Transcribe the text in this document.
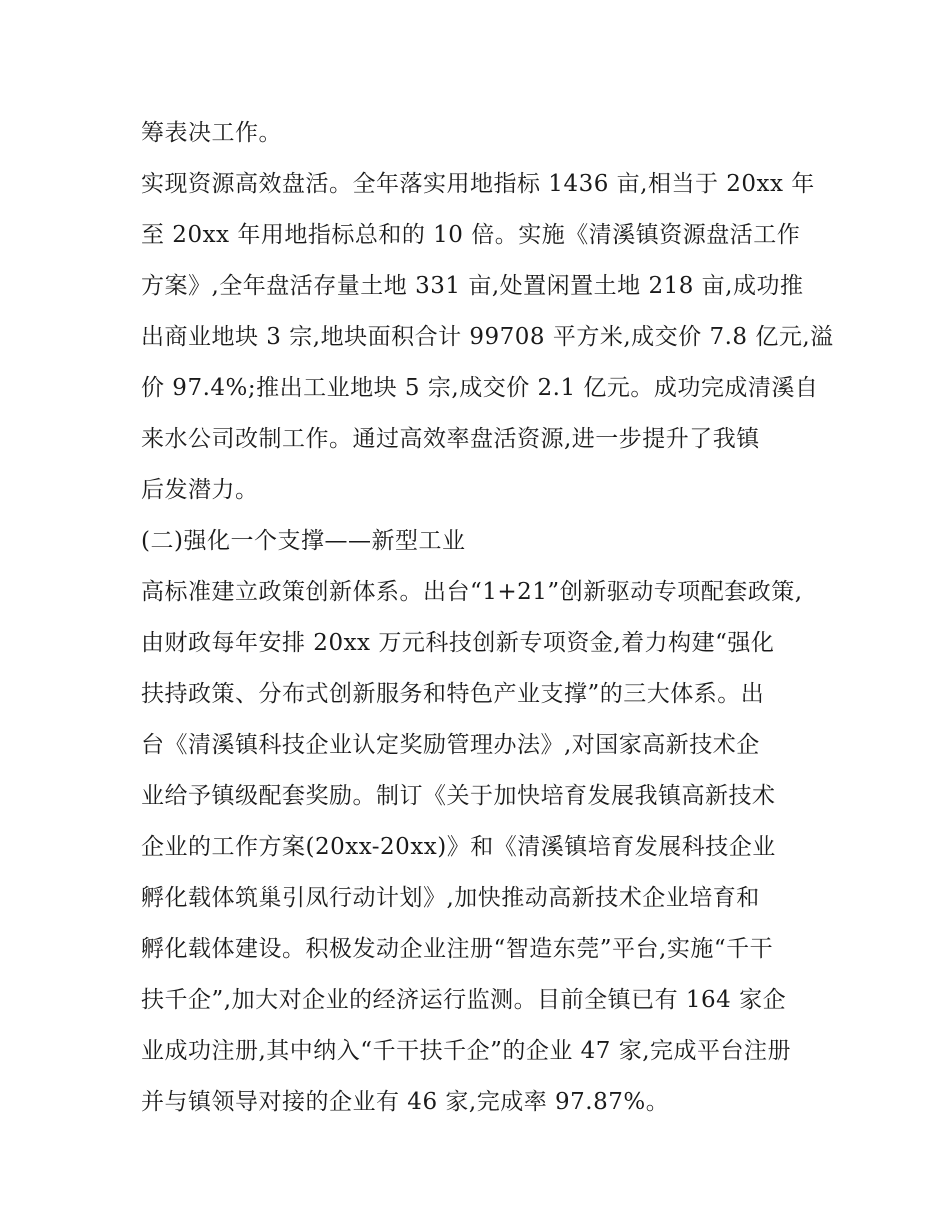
筹表决工作。
实现资源高效盘活。全年落实用地指标 1436 亩,相当于 20xx 年
至 20xx 年用地指标总和的 10 倍。实施《清溪镇资源盘活工作
方案》,全年盘活存量土地 331 亩,处置闲置土地 218 亩,成功推
出商业地块 3 宗,地块面积合计 99708 平方米,成交价 7.8 亿元,溢
价 97.4%;推出工业地块 5 宗,成交价 2.1 亿元。成功完成清溪自
来水公司改制工作。通过高效率盘活资源,进一步提升了我镇
后发潜力。
(二)强化一个支撑——新型工业
高标准建立政策创新体系。出台“1+21”创新驱动专项配套政策,
由财政每年安排 20xx 万元科技创新专项资金,着力构建“强化
扶持政策、分布式创新服务和特色产业支撑”的三大体系。出
台《清溪镇科技企业认定奖励管理办法》,对国家高新技术企
业给予镇级配套奖励。制订《关于加快培育发展我镇高新技术
企业的工作方案(20xx-20xx)》和《清溪镇培育发展科技企业
孵化载体筑巢引凤行动计划》,加快推动高新技术企业培育和
孵化载体建设。积极发动企业注册“智造东莞”平台,实施“千干
扶千企”,加大对企业的经济运行监测。目前全镇已有 164 家企
业成功注册,其中纳入“千干扶千企”的企业 47 家,完成平台注册
并与镇领导对接的企业有 46 家,完成率 97.87%。
